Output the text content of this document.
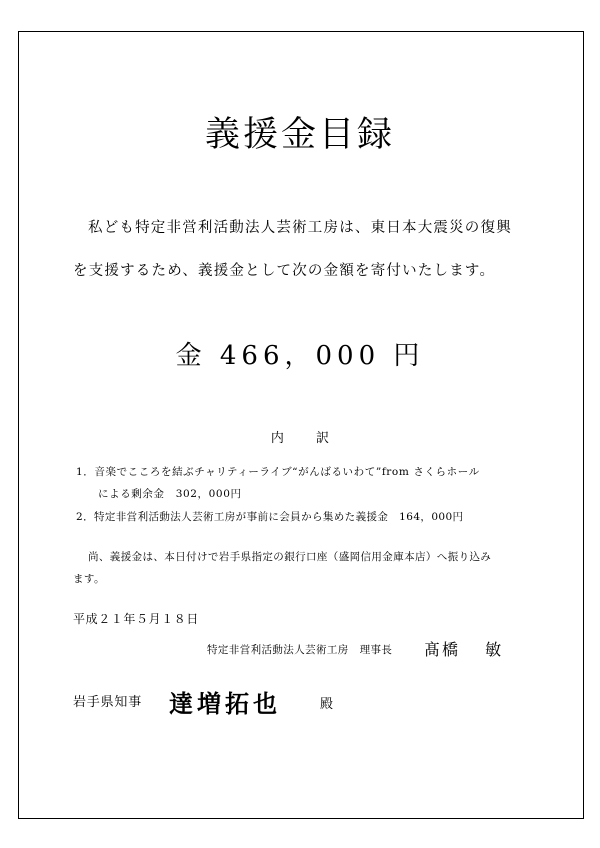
義援金目録
私ども特定非営利活動法人芸術工房は、東日本大震災の復興
を支援するため、義援金として次の金額を寄付いたします。
金 466，000 円
内 訳
1．音楽でこころを結ぶチャリティーライブ“がんばるいわて”from さくらホール
による剰余金　302，000円
2．特定非営利活動法人芸術工房が事前に会員から集めた義援金　164，000円
尚、義援金は、本日付けで岩手県指定の銀行口座（盛岡信用金庫本店）へ振り込み
ます。
平成２１年５月１８日
特定非営利活動法人芸術工房　理事長 髙橋　 敏
岩手県知事 達増拓也	殿
